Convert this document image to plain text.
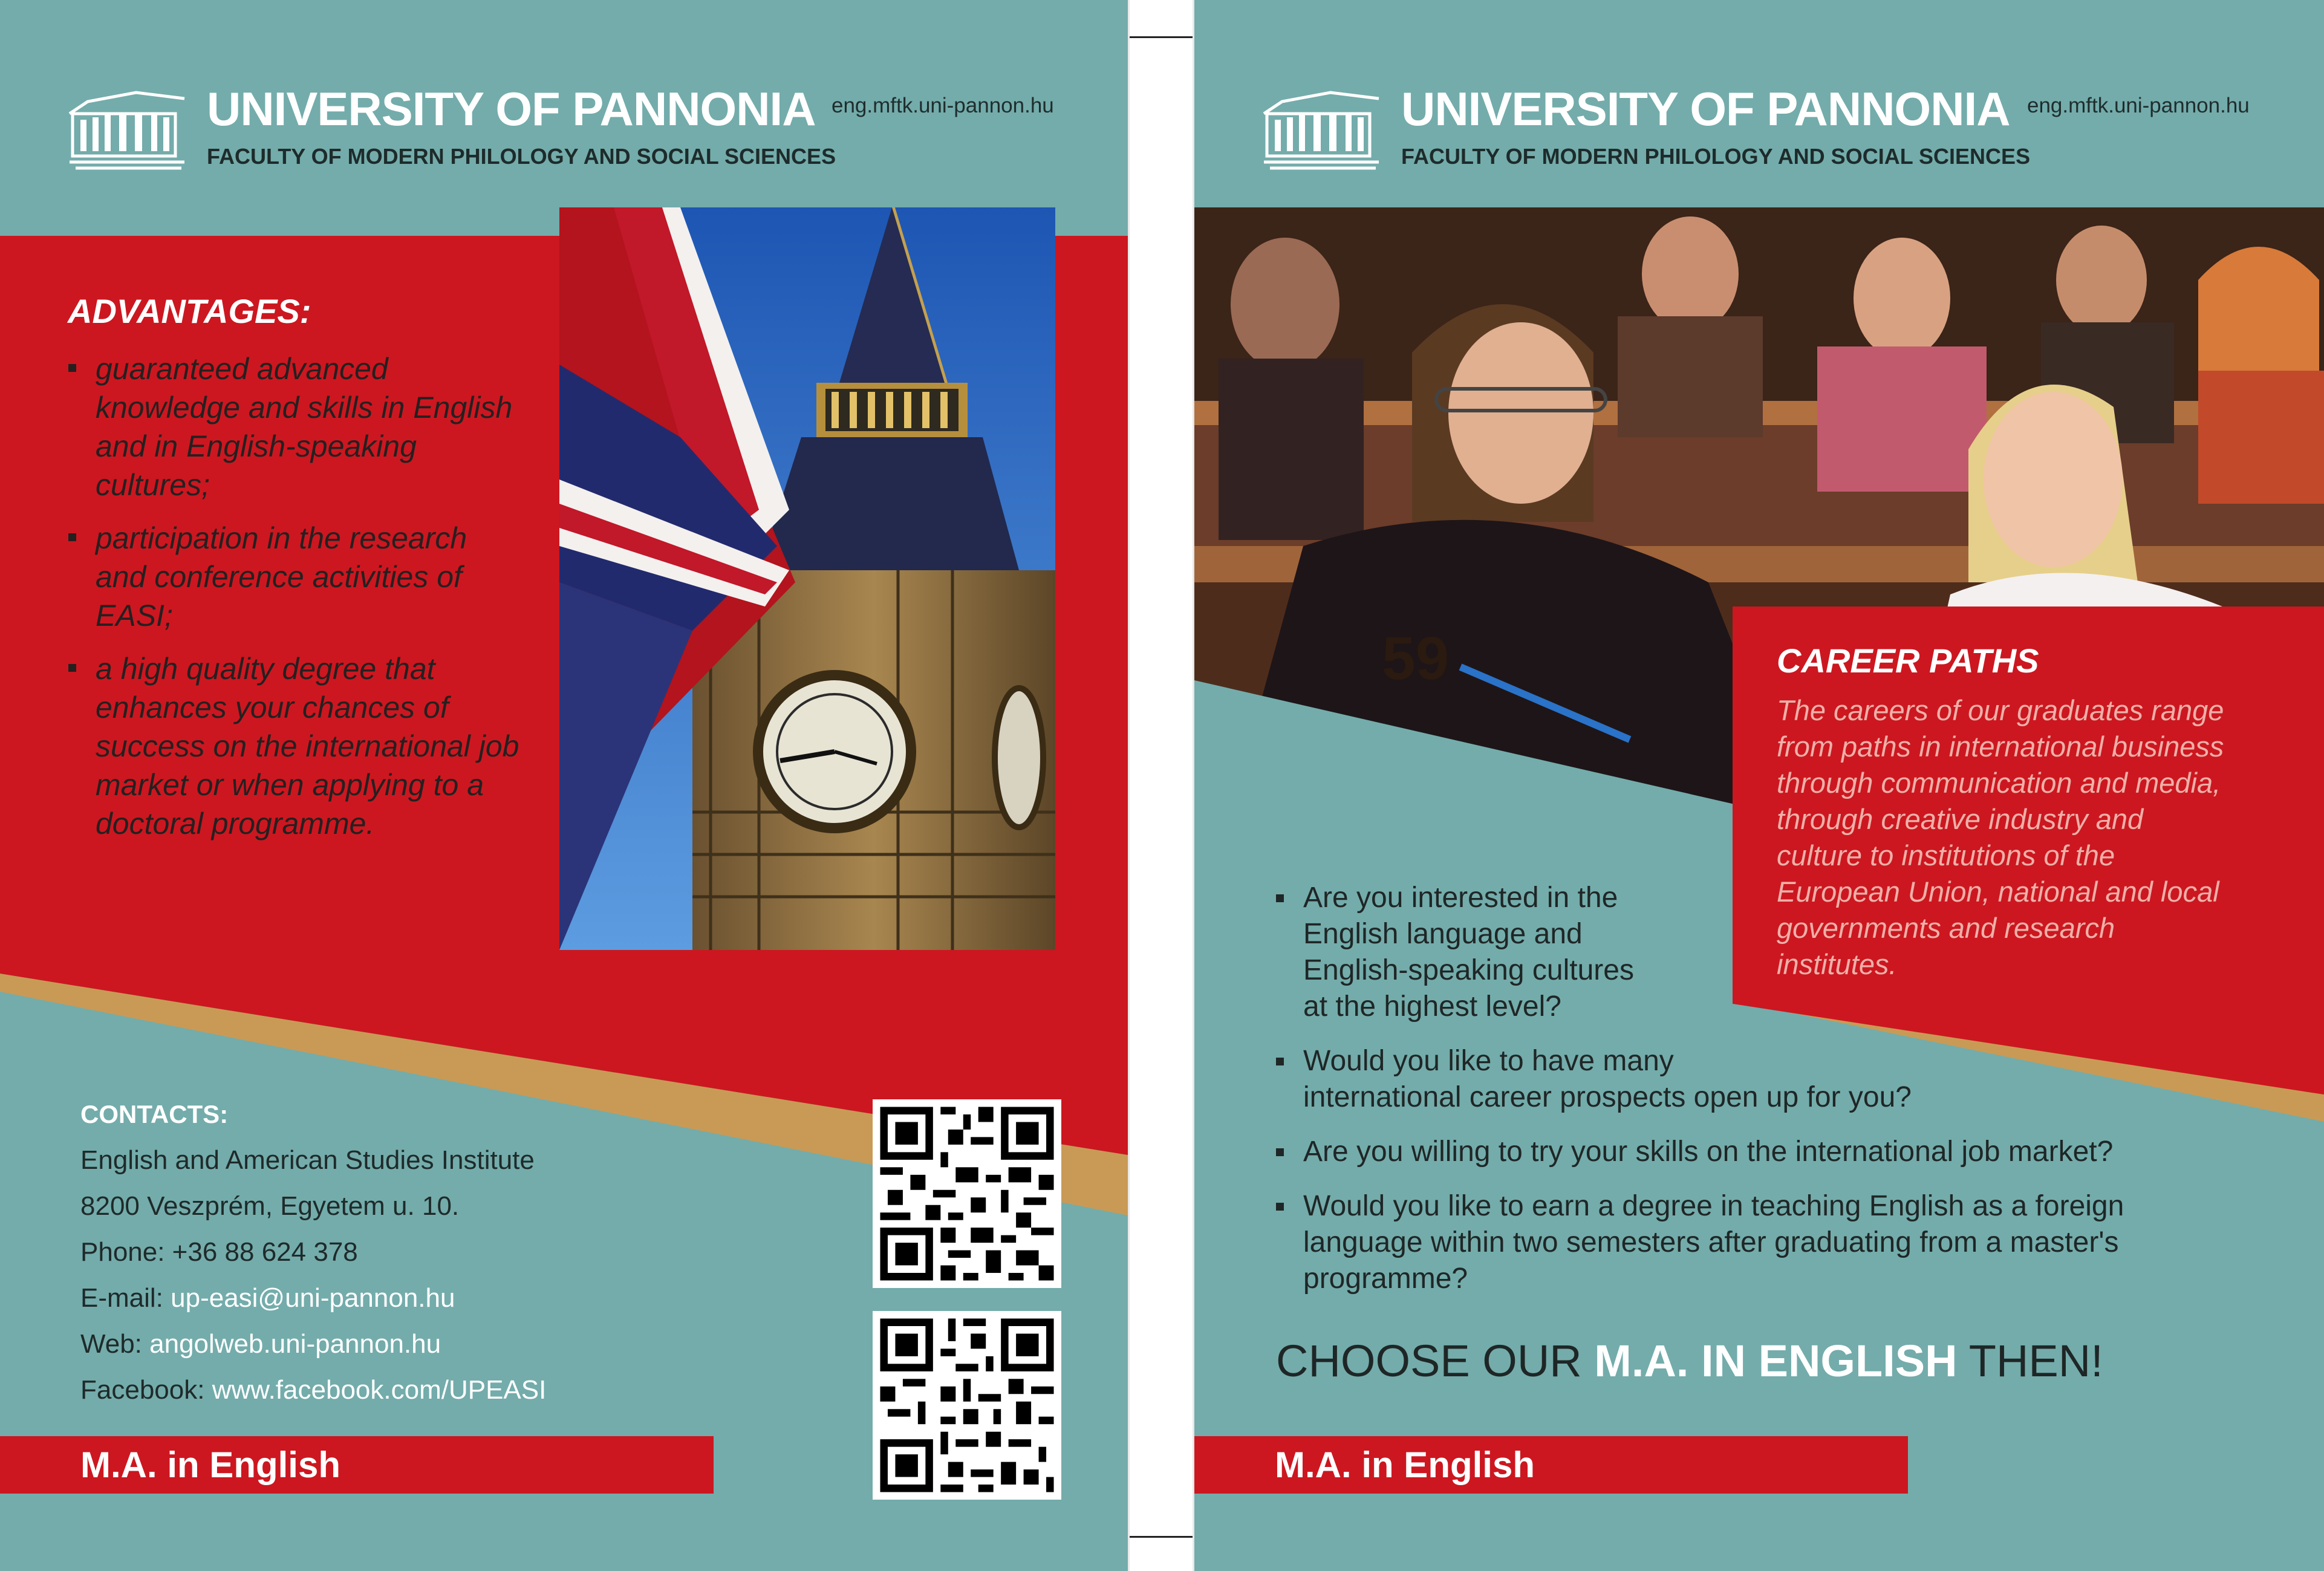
UNIVERSITY OF PANNONIA
FACULTY OF MODERN PHILOLOGY AND SOCIAL SCIENCES
eng.mftk.uni-pannon.hu
ADVANTAGES:
guaranteed advanced
knowledge and skills in English
and in English-speaking
cultures;
participation in the research
and conference activities of
EASI;
a high quality degree that
enhances your chances of
success on the international job
market or when applying to a
doctoral programme.
CONTACTS:
English and American Studies Institute
8200 Veszprém, Egyetem u. 10.
Phone: +36 88 624 378
E-mail: up-easi@uni-pannon.hu
Web: angolweb.uni-pannon.hu
Facebook: www.facebook.com/UPEASI
M.A. in English
59
UNIVERSITY OF PANNONIA
FACULTY OF MODERN PHILOLOGY AND SOCIAL SCIENCES
eng.mftk.uni-pannon.hu
CAREER PATHS
The careers of our graduates range
from paths in international business
through communication and media,
through creative industry and
culture to institutions of the
European Union, national and local
governments and research
institutes.
Are you interested in the
English language and
English-speaking cultures
at the highest level?
Would you like to have many
international career prospects open up for you?
Are you willing to try your skills on the international job market?
Would you like to earn a degree in teaching English as a foreign
language within two semesters after graduating from a master's
programme?
CHOOSE OUR M.A. IN ENGLISH THEN!
M.A. in English
